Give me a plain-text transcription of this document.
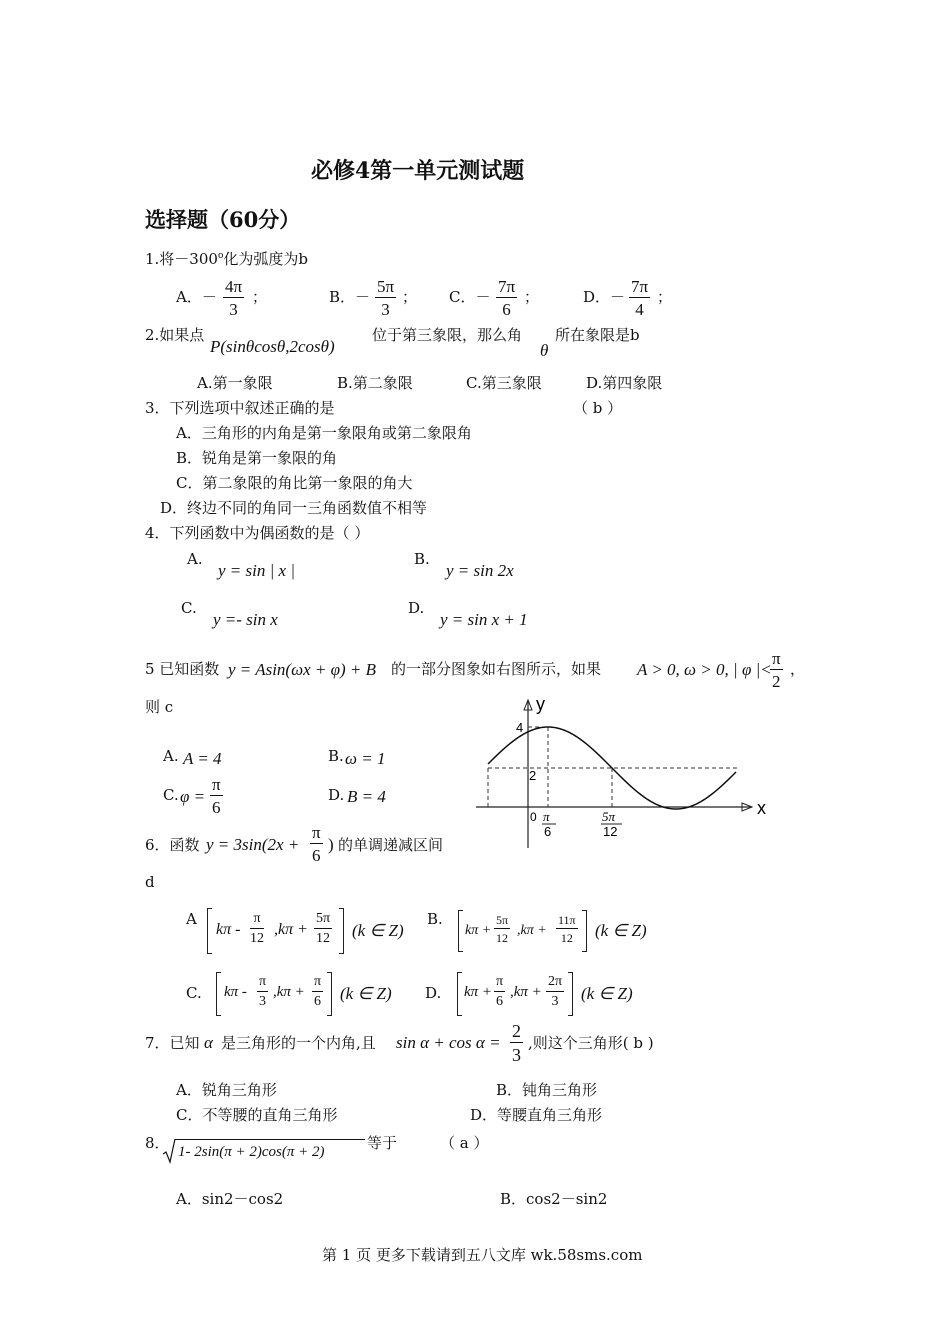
必修4第一单元测试题
选择题（60分）
1.将$-300^o$化为弧度为b
A．－ $\frac{4\pi}{3}$ ；	B．－ $\frac{5\pi}{3}$ ； C．－ $\frac{7\pi}{6}$ ；	D．－ $\frac{7\pi}{4}$ ；
2.如果点
P(sinθcosθ,2cosθ)
位于第三象限，那么角
θ
所在象限是b
A.第一象限	B.第二象限	C.第三象限	D.第四象限
3．下列选项中叙述正确的是	（ b ）
A．三角形的内角是第一象限角或第二象限角
B．锐角是第一象限的角
C．第二象限的角比第一象限的角大
D．终边不同的角同一三角函数值不相等
4．下列函数中为偶函数的是（ ）
A.
y = sin | x |
B.
y = sin 2x
C.
y =- sin x
D.
y = sin x + 1
5 已知函数 y = Asin(ωx + φ) + B 的一部分图象如右图所示，如果 A > 0, ω > 0, | φ |<
$\frac{\pi}{2}$ ，
则 c
A. A = 4	B. ω = 1
C. $\varphi = \frac{\pi}{6}$	D. B = 4
y
x
4
2
0 π
6
5π
12
6．函数 $y = 3\sin(2x + \frac{\pi}{6}$ ) 的单调递减区间
d
A
$k\pi - \frac{\pi}{12} ,k\pi + \frac{5\pi}{12} (k$ ∈ Z)
B.
$k\pi + \frac{5\pi}{12} ,k\pi + \frac{11\pi}{12} (k$ ∈ Z)
C. $k\pi - \frac{\pi}{3} ,k\pi + \frac{\pi}{6} (k$ ∈ Z) D. $k\pi + \frac{\pi}{6} ,k\pi + \frac{2\pi}{3} (k$ ∈ Z)
7．已知 α 是三角形的一个内角,且 $\sin \alpha + \cos \alpha = \frac{2}{3}$ ,则这个三角形( b )
A．锐角三角形	B．钝角三角形
C．不等腰的直角三角形	D．等腰直角三角形
8． 1- 2sin(π + 2)cos(π + 2)	等于	（ a ）
A．sin2－cos2	B．cos2－sin2
第 1 页 更多下载请到五八文库 wk.58sms.com
